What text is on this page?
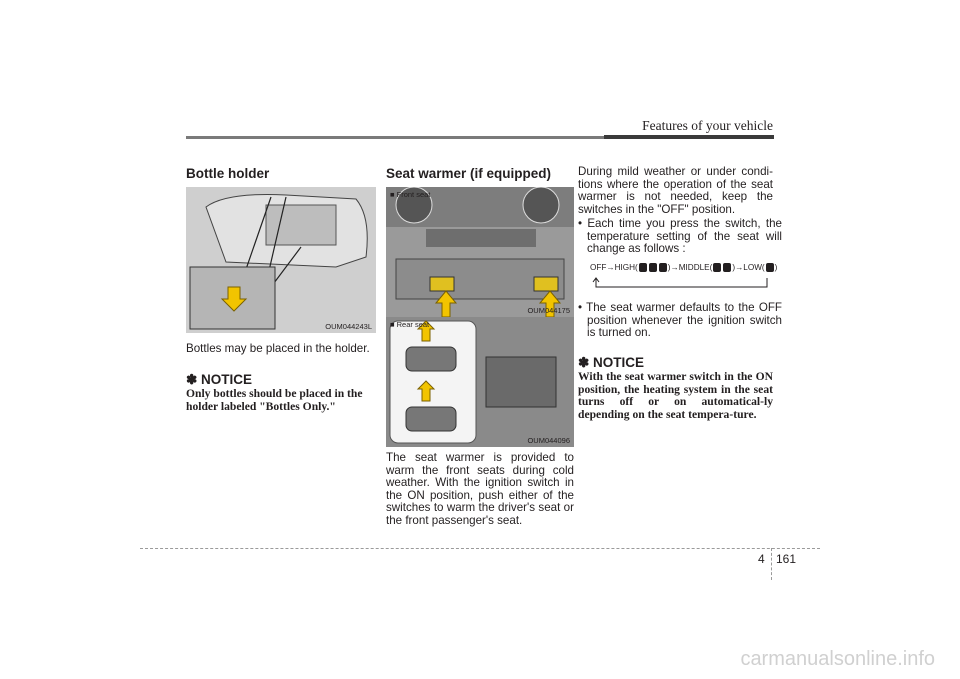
Features of your vehicle
Bottle holder
OUM044243L

Bottles may be placed in the holder.

✽ NOTICE

Only bottles should be placed in the holder labeled "Bottles Only."

Seat warmer (if equipped)
■ Front seat
OUM044175
■ Rear seat
OUM044096

The seat warmer is provided to warm the front seats during cold weather. With the ignition switch in the ON position, push either of the switches to warm the driver's seat or the front passenger's seat.

During mild weather or under condi-tions where the operation of the seat warmer is not needed, keep the switches in the "OFF" position.

• Each time you press the switch, the temperature setting of the seat will change as follows :

OFF→HIGH(	)→MIDDLE( )→LOW( )

• The seat warmer defaults to the OFF position whenever the ignition switch is turned on.

✽ NOTICE

With the seat warmer switch in the ON position, the heating system in the seat turns off or on automatical-ly depending on the seat tempera-ture.

4 161
carmanualsonline.info
